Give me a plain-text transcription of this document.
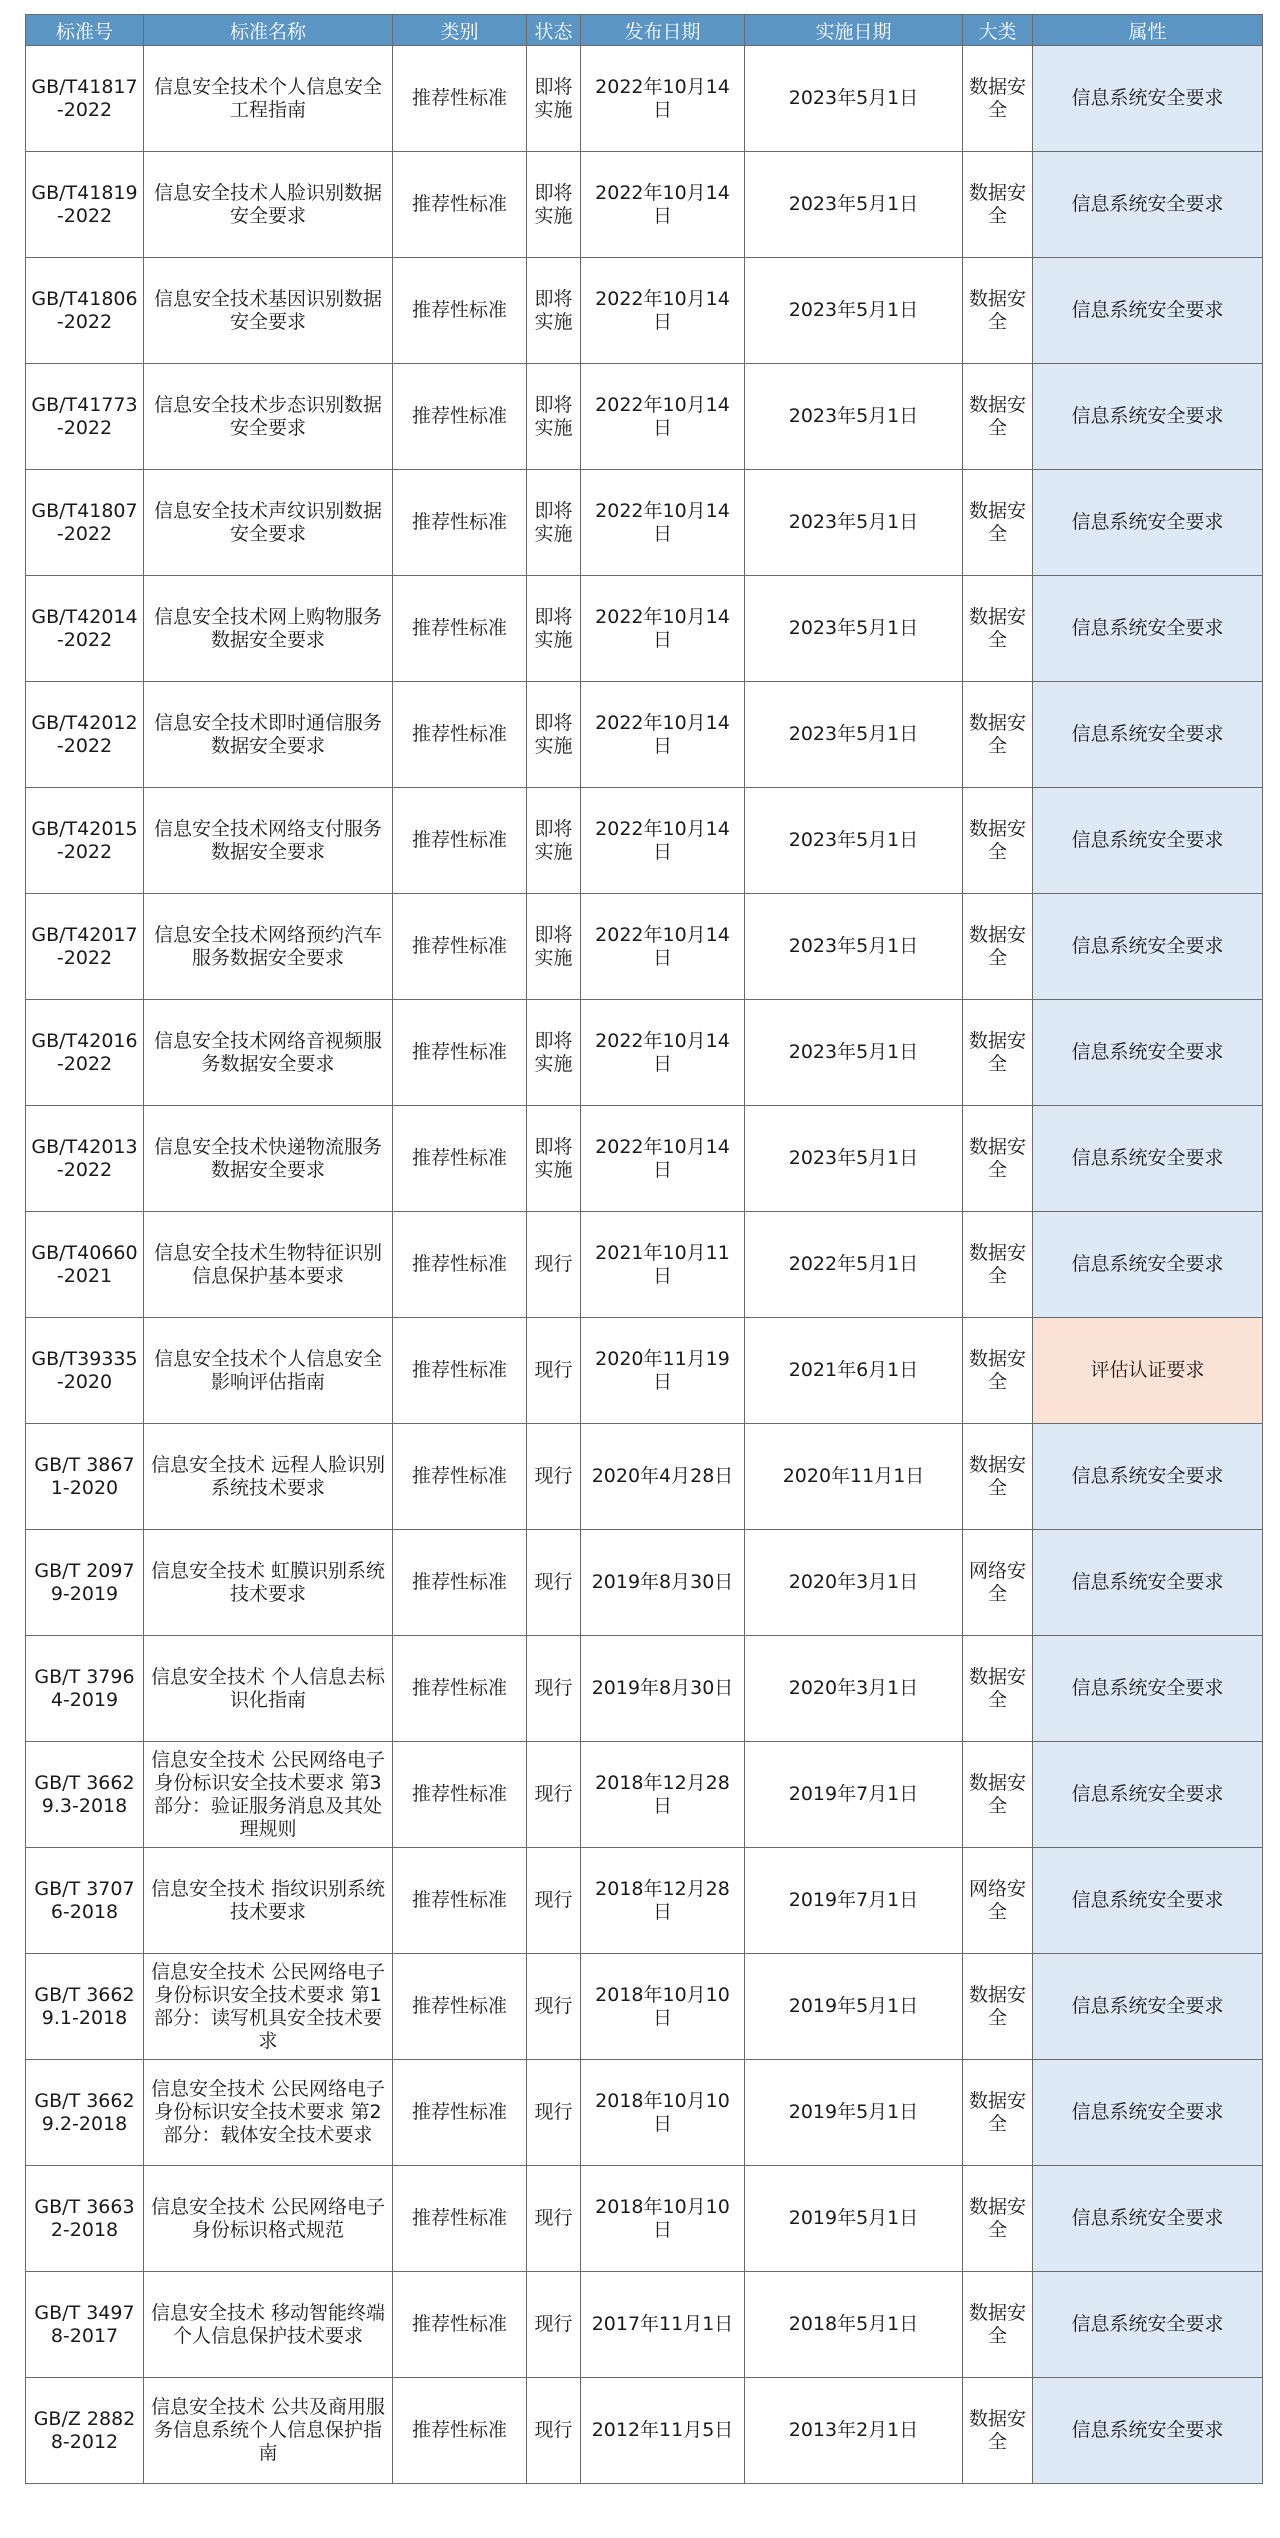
标准号	标准名称	类别	状态	发布日期	实施日期	大类	属性
GB/T41817-2022	信息安全技术个人信息安全工程指南	推荐性标准	即将实施	2022年10月14日	2023年5月1日	数据安全	信息系统安全要求
GB/T41819-2022	信息安全技术人脸识别数据安全要求	推荐性标准	即将实施	2022年10月14日	2023年5月1日	数据安全	信息系统安全要求
GB/T41806-2022	信息安全技术基因识别数据安全要求	推荐性标准	即将实施	2022年10月14日	2023年5月1日	数据安全	信息系统安全要求
GB/T41773-2022	信息安全技术步态识别数据安全要求	推荐性标准	即将实施	2022年10月14日	2023年5月1日	数据安全	信息系统安全要求
GB/T41807-2022	信息安全技术声纹识别数据安全要求	推荐性标准	即将实施	2022年10月14日	2023年5月1日	数据安全	信息系统安全要求
GB/T42014-2022	信息安全技术网上购物服务数据安全要求	推荐性标准	即将实施	2022年10月14日	2023年5月1日	数据安全	信息系统安全要求
GB/T42012-2022	信息安全技术即时通信服务数据安全要求	推荐性标准	即将实施	2022年10月14日	2023年5月1日	数据安全	信息系统安全要求
GB/T42015-2022	信息安全技术网络支付服务数据安全要求	推荐性标准	即将实施	2022年10月14日	2023年5月1日	数据安全	信息系统安全要求
GB/T42017-2022	信息安全技术网络预约汽车服务数据安全要求	推荐性标准	即将实施	2022年10月14日	2023年5月1日	数据安全	信息系统安全要求
GB/T42016-2022	信息安全技术网络音视频服务数据安全要求	推荐性标准	即将实施	2022年10月14日	2023年5月1日	数据安全	信息系统安全要求
GB/T42013-2022	信息安全技术快递物流服务数据安全要求	推荐性标准	即将实施	2022年10月14日	2023年5月1日	数据安全	信息系统安全要求
GB/T40660-2021	信息安全技术生物特征识别信息保护基本要求	推荐性标准	现行	2021年10月11日	2022年5月1日	数据安全	信息系统安全要求
GB/T39335-2020	信息安全技术个人信息安全影响评估指南	推荐性标准	现行	2020年11月19日	2021年6月1日	数据安全	评估认证要求
GB/T 38671-2020	信息安全技术 远程人脸识别系统技术要求	推荐性标准	现行	2020年4月28日	2020年11月1日	数据安全	信息系统安全要求
GB/T 20979-2019	信息安全技术 虹膜识别系统技术要求	推荐性标准	现行	2019年8月30日	2020年3月1日	网络安全	信息系统安全要求
GB/T 37964-2019	信息安全技术 个人信息去标识化指南	推荐性标准	现行	2019年8月30日	2020年3月1日	数据安全	信息系统安全要求
GB/T 36629.3-2018	信息安全技术 公民网络电子身份标识安全技术要求 第3部分：验证服务消息及其处理规则	推荐性标准	现行	2018年12月28日	2019年7月1日	数据安全	信息系统安全要求
GB/T 37076-2018	信息安全技术 指纹识别系统技术要求	推荐性标准	现行	2018年12月28日	2019年7月1日	网络安全	信息系统安全要求
GB/T 36629.1-2018	信息安全技术 公民网络电子身份标识安全技术要求 第1部分：读写机具安全技术要求	推荐性标准	现行	2018年10月10日	2019年5月1日	数据安全	信息系统安全要求
GB/T 36629.2-2018	信息安全技术 公民网络电子身份标识安全技术要求 第2部分：载体安全技术要求	推荐性标准	现行	2018年10月10日	2019年5月1日	数据安全	信息系统安全要求
GB/T 36632-2018	信息安全技术 公民网络电子身份标识格式规范	推荐性标准	现行	2018年10月10日	2019年5月1日	数据安全	信息系统安全要求
GB/T 34978-2017	信息安全技术 移动智能终端个人信息保护技术要求	推荐性标准	现行	2017年11月1日	2018年5月1日	数据安全	信息系统安全要求
GB/Z 28828-2012	信息安全技术 公共及商用服务信息系统个人信息保护指南	推荐性标准	现行	2012年11月5日	2013年2月1日	数据安全	信息系统安全要求
